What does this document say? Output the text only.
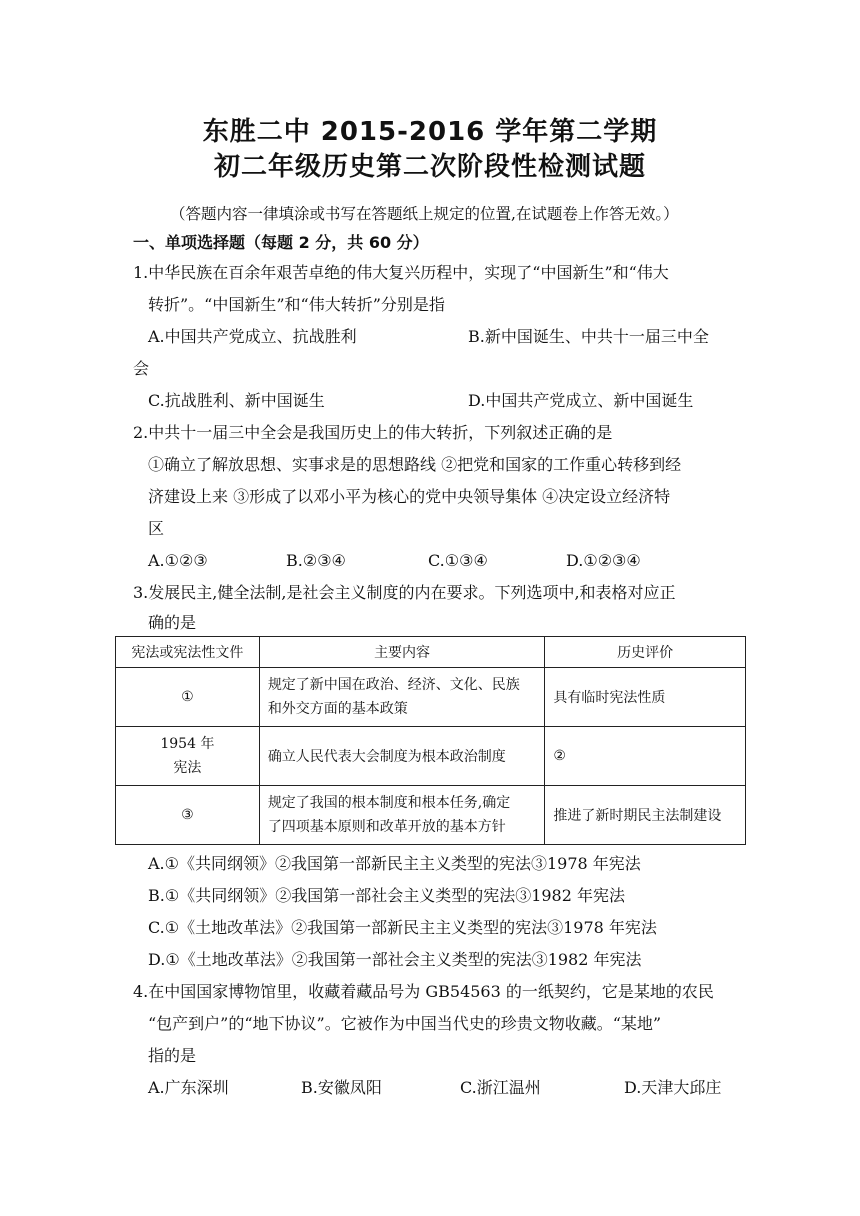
东胜二中 2015-2016 学年第二学期
初二年级历史第二次阶段性检测试题
（答题内容一律填涂或书写在答题纸上规定的位置,在试题卷上作答无效。）
一、单项选择题（每题 2 分，共 60 分）
1.中华民族在百余年艰苦卓绝的伟大复兴历程中，实现了“中国新生”和“伟大
转折”。“中国新生”和“伟大转折”分别是指
A.中国共产党成立、抗战胜利	B.新中国诞生、中共十一届三中全
会
C.抗战胜利、新中国诞生	D.中国共产党成立、新中国诞生
2.中共十一届三中全会是我国历史上的伟大转折，下列叙述正确的是
①确立了解放思想、实事求是的思想路线 ②把党和国家的工作重心转移到经
济建设上来 ③形成了以邓小平为核心的党中央领导集体 ④决定设立经济特
区
A.①②③	B.②③④	C.①③④	D.①②③④
3.发展民主,健全法制,是社会主义制度的内在要求。下列选项中,和表格对应正
确的是
宪法或宪法性文件	主要内容	历史评价
①	规定了新中国在政治、经济、文化、民族
和外交方面的基本政策	具有临时宪法性质

1954 年
宪法	确立人民代表大会制度为根本政治制度	②
③	规定了我国的根本制度和根本任务,确定
了四项基本原则和改革开放的基本方针	推进了新时期民主法制建设
A.①《共同纲领》②我国第一部新民主主义类型的宪法③1978 年宪法
B.①《共同纲领》②我国第一部社会主义类型的宪法③1982 年宪法
C.①《土地改革法》②我国第一部新民主主义类型的宪法③1978 年宪法
D.①《土地改革法》②我国第一部社会主义类型的宪法③1982 年宪法
4.在中国国家博物馆里，收藏着藏品号为 GB54563 的一纸契约，它是某地的农民
“包产到户”的“地下协议”。它被作为中国当代史的珍贵文物收藏。“某地”
指的是
A.广东深圳	B.安徽凤阳	C.浙江温州	D.天津大邱庄
